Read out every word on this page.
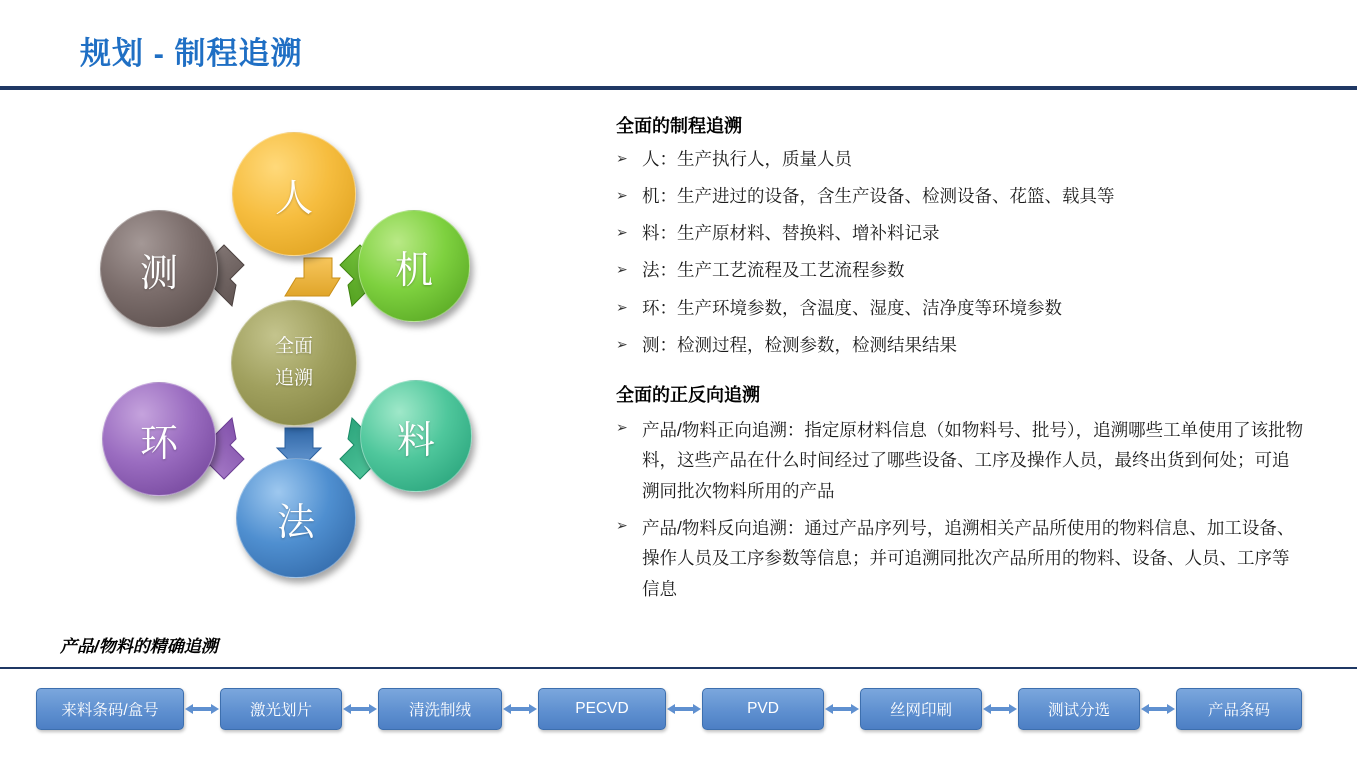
规划 - 制程追溯
人
机
料
法
环
测
全面
追溯
全面的制程追溯
➢ 人：生产执行人，质量人员
➢ 机：生产进过的设备，含生产设备、检测设备、花篮、载具等
➢ 料：生产原材料、替换料、增补料记录
➢ 法：生产工艺流程及工艺流程参数
➢ 环：生产环境参数，含温度、湿度、洁净度等环境参数
➢ 测：检测过程，检测参数，检测结果结果
全面的正反向追溯
➢ 产品/物料正向追溯：指定原材料信息（如物料号、批号），追溯哪些工单使用了该批物料，这些产品在什么时间经过了哪些设备、工序及操作人员，最终出货到何处；可追溯同批次物料所用的产品
➢ 产品/物料反向追溯：通过产品序列号，追溯相关产品所使用的物料信息、加工设备、操作人员及工序参数等信息；并可追溯同批次产品所用的物料、设备、人员、工序等信息
产品/物料的精确追溯
来料条码/盒号	激光划片	清洗制绒	PECVD	PVD	丝网印刷	测试分选	产品条码
